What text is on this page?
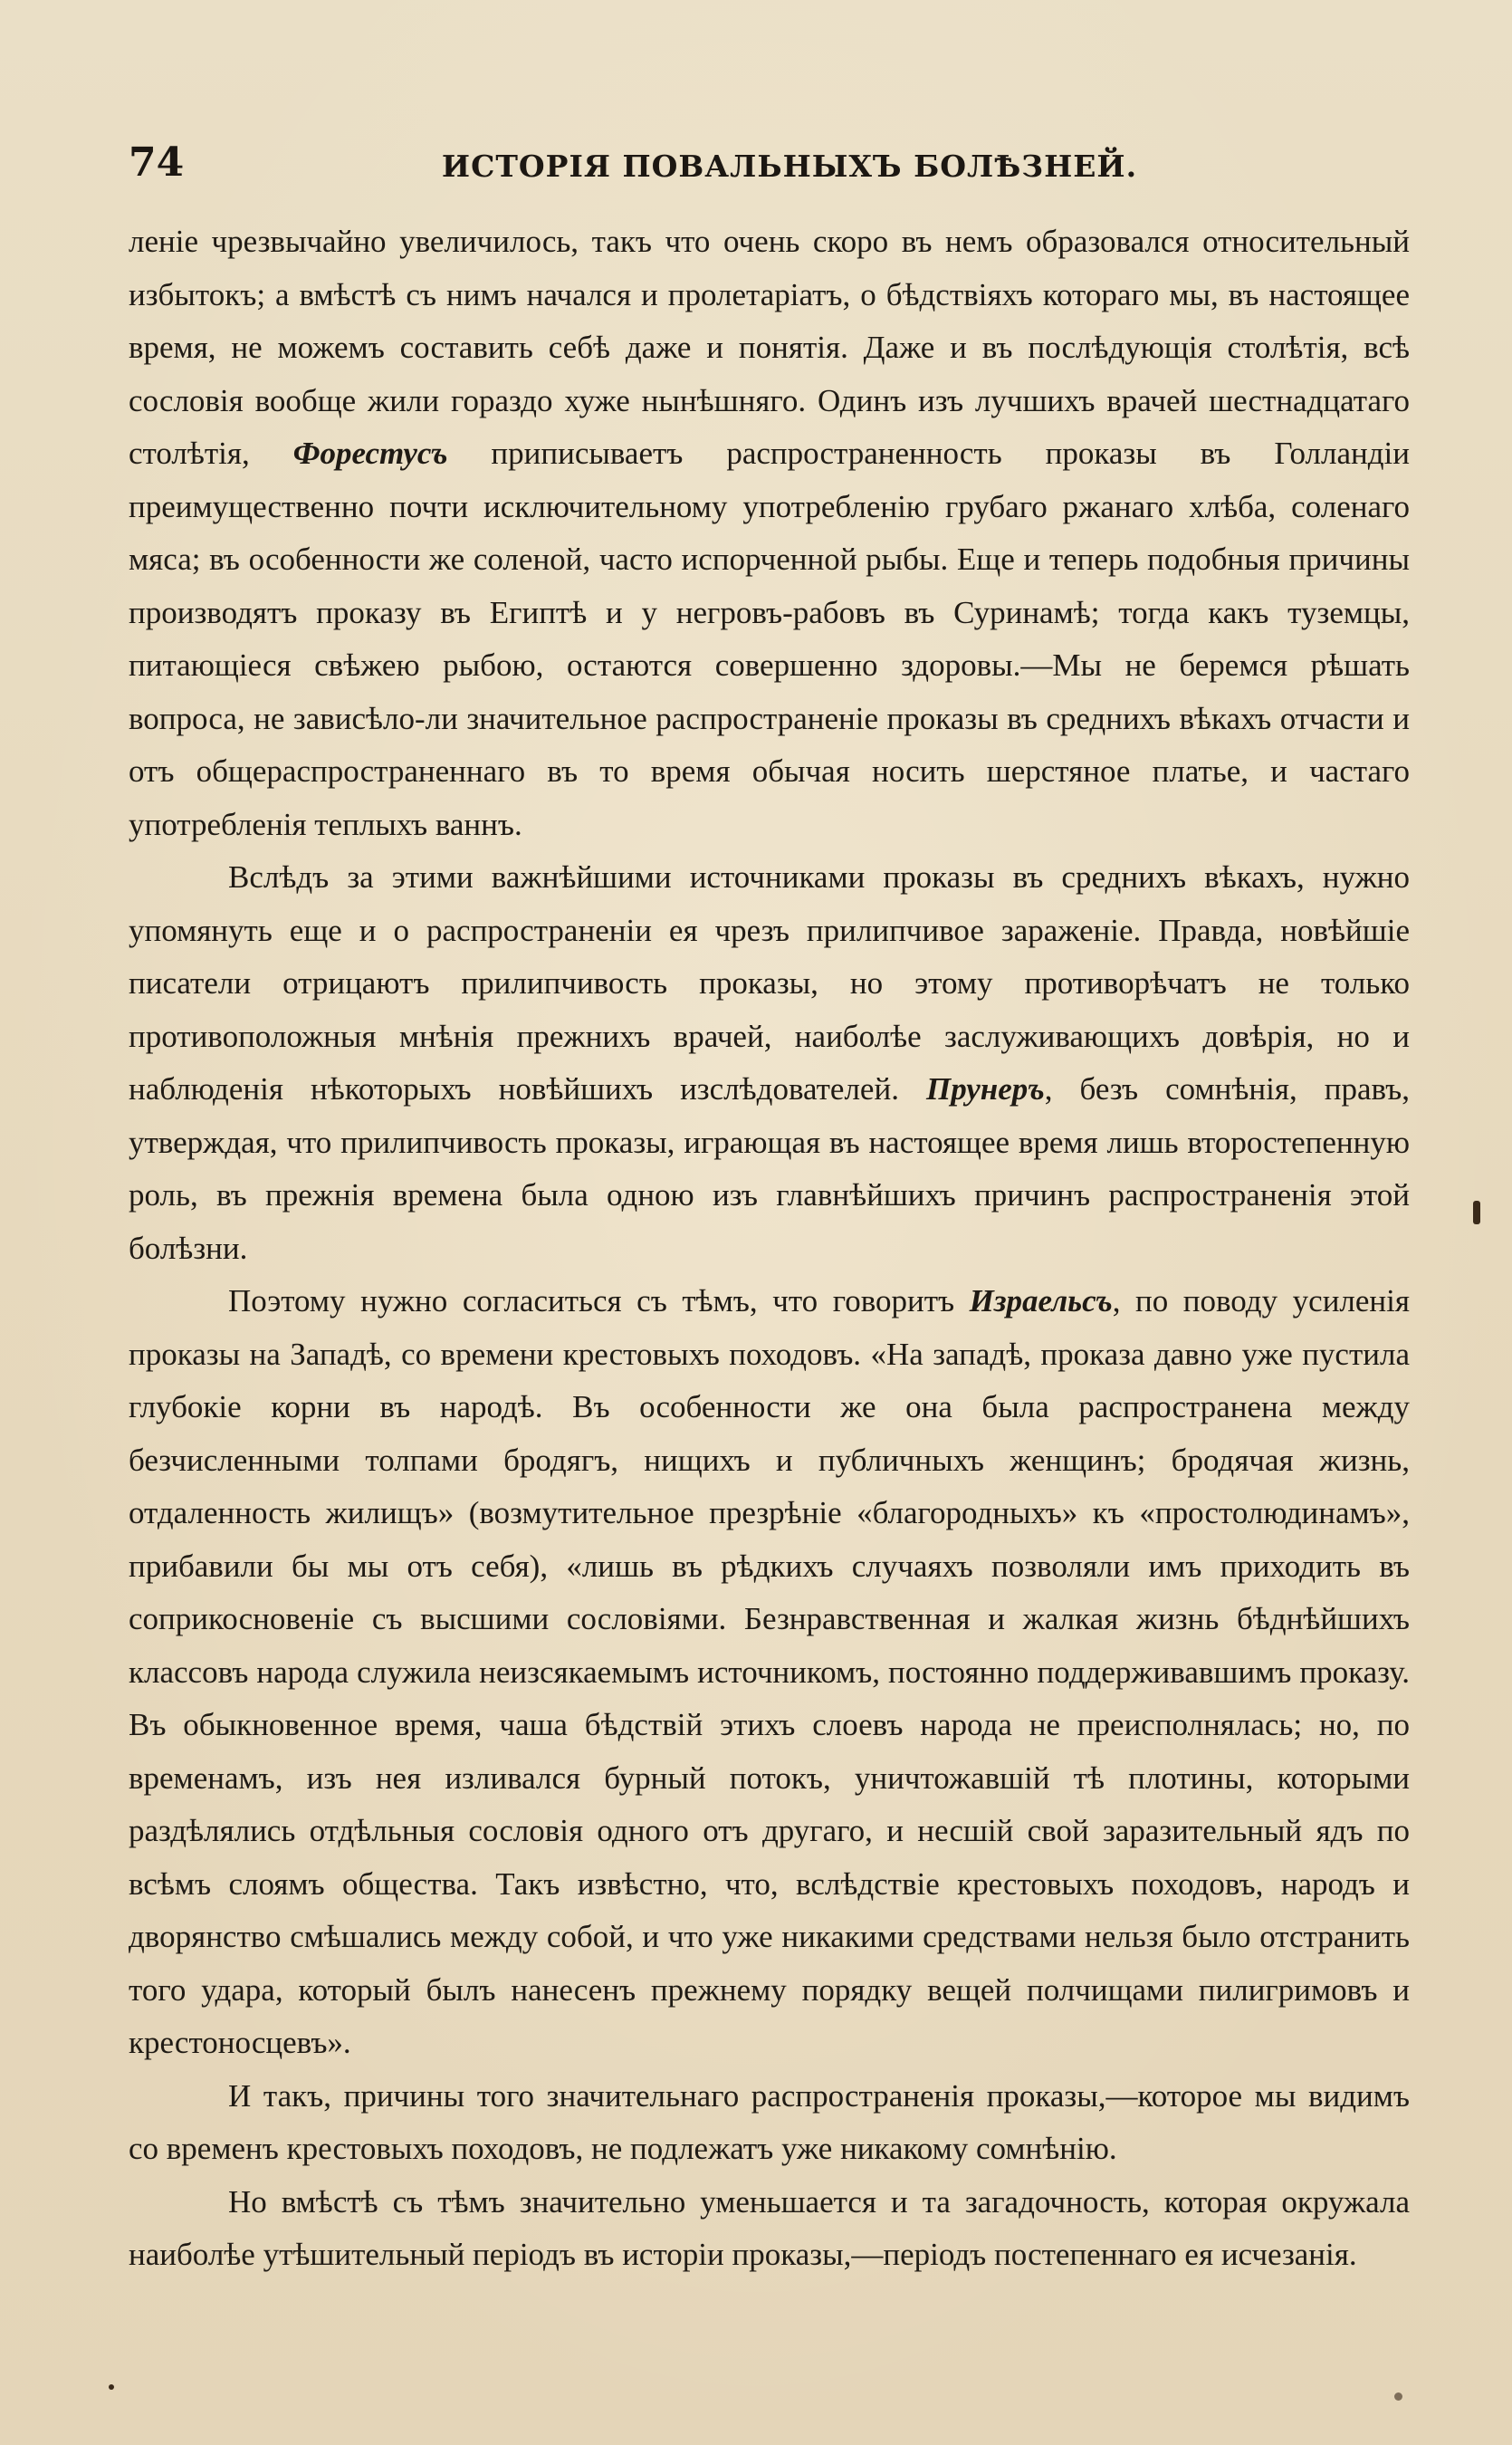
74	ИСТОРІЯ ПОВАЛЬНЫХЪ БОЛѢЗНЕЙ.

леніе чрезвычайно увеличилось, такъ что очень скоро въ немъ образовался относительный избытокъ; а вмѣстѣ съ нимъ начался и пролетаріатъ, о бѣдствіяхъ котораго мы, въ настоящее время, не можемъ составить себѣ даже и понятія. Даже и въ послѣдующія столѣтія, всѣ сословія вообще жили гораздо хуже нынѣшняго. Одинъ изъ лучшихъ врачей шестнадцатаго столѣтія, Форестусъ приписываетъ распространенность проказы въ Голландіи преимущественно почти исключительному употребленію грубаго ржанаго хлѣба, соленаго мяса; въ особенности же соленой, часто испорченной рыбы. Еще и теперь подобныя причины производятъ проказу въ Египтѣ и у негровъ-рабовъ въ Суринамѣ; тогда какъ туземцы, питающіеся свѣжею рыбою, остаются совершенно здоровы.—Мы не беремся рѣшать вопроса, не зависѣло-ли значительное распространеніе проказы въ среднихъ вѣкахъ отчасти и отъ общераспространеннаго въ то время обычая носить шерстяное платье, и частаго употребленія теплыхъ ваннъ.

Вслѣдъ за этими важнѣйшими источниками проказы въ среднихъ вѣкахъ, нужно упомянуть еще и о распространеніи ея чрезъ прилипчивое зараженіе. Правда, новѣйшіе писатели отрицаютъ прилипчивость проказы, но этому противорѣчатъ не только противоположныя мнѣнія прежнихъ врачей, наиболѣе заслуживающихъ довѣрія, но и наблюденія нѣкоторыхъ новѣйшихъ изслѣдователей. Прунеръ, безъ сомнѣнія, правъ, утверждая, что прилипчивость проказы, играющая въ настоящее время лишь второстепенную роль, въ прежнія времена была одною изъ главнѣйшихъ причинъ распространенія этой болѣзни.

Поэтому нужно согласиться съ тѣмъ, что говоритъ Израельсъ, по поводу усиленія проказы на Западѣ, со времени крестовыхъ походовъ. «На западѣ, проказа давно уже пустила глубокіе корни въ народѣ. Въ особенности же она была распространена между безчисленными толпами бродягъ, нищихъ и публичныхъ женщинъ; бродячая жизнь, отдаленность жилищъ» (возмутительное презрѣніе «благородныхъ» къ «простолюдинамъ», прибавили бы мы отъ себя), «лишь въ рѣдкихъ случаяхъ позволяли имъ приходить въ соприкосновеніе съ высшими сословіями. Безнравственная и жалкая жизнь бѣднѣйшихъ классовъ народа служила неизсякаемымъ источникомъ, постоянно поддерживавшимъ проказу. Въ обыкновенное время, чаша бѣдствій этихъ слоевъ народа не преисполнялась; но, по временамъ, изъ нея изливался бурный потокъ, уничтожавшій тѣ плотины, которыми раздѣлялись отдѣльныя сословія одного отъ другаго, и несшій свой заразительный ядъ по всѣмъ слоямъ общества. Такъ извѣстно, что, вслѣдствіе крестовыхъ походовъ, народъ и дворянство смѣшались между собой, и что уже никакими средствами нельзя было отстранить того удара, который былъ нанесенъ прежнему порядку вещей полчищами пилигримовъ и крестоносцевъ».

И такъ, причины того значительнаго распространенія проказы,—которое мы видимъ со временъ крестовыхъ походовъ, не подлежатъ уже никакому сомнѣнію.

Но вмѣстѣ съ тѣмъ значительно уменьшается и та загадочность, которая окружала наиболѣе утѣшительный періодъ въ исторіи проказы,—періодъ постепеннаго ея исчезанія.
